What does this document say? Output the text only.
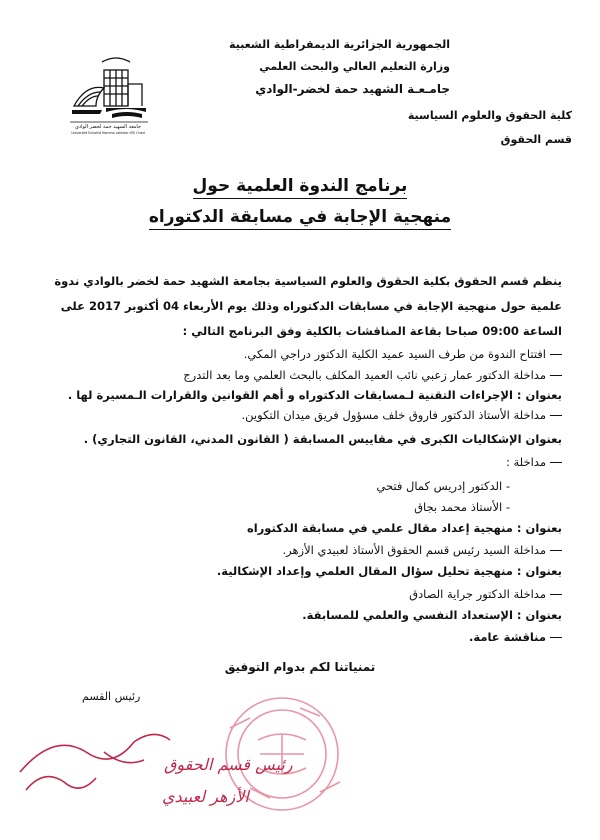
الجمهورية الجزائرية الديمقراطية الشعبية
وزارة التعليم العالي والبحث العلمي
جامـعـة الشهيد حمة لخضر-الوادي
جامعة الشهيد حمة لخضر الوادي
Université Echahid Hamma Lakhdar d'El Oued
كلية الحقوق والعلوم السياسية
قسم الحقوق
برنامج الندوة العلمية حول
منهجية الإجابة في مسابقة الدكتوراه
ينظم قسم الحقوق بكلية الحقوق والعلوم السياسية بجامعة الشهيد حمة لخضر بالوادي ندوة
علمية حول منهجية الإجابة في مسابقات الدكتوراه وذلك يوم الأربعاء 04 أكتوبر 2017 على
الساعة 09:00 صباحا بقاعة المناقشات بالكلية وفق البرنامج التالي :
افتتاح الندوة من طرف السيد عميد الكلية الدكتور دراجي المكي.
مداخلة الدكتور عمار زعبي نائب العميد المكلف بالبحث العلمي وما بعد التدرج
بعنوان : الإجراءات التقنية لـمسابقات الدكتوراه و أهم القوانين والقرارات الـمسيرة لها .
مداخلة الأستاذ الدكتور فاروق خلف مسؤول فريق ميدان التكوين.
بعنوان الإشكاليات الكبرى في مقاييس المسابقة ( القانون المدني، القانون التجاري) .
مداخلة :
- الدكتور إدريس كمال فتحي
- الأستاذ محمد بجاق
بعنوان : منهجية إعداد مقال علمي في مسابقة الدكتوراه
مداخلة السيد رئيس قسم الحقوق الأستاذ لعبيدي الأزهر.
بعنوان : منهجية تحليل سؤال المقال العلمي وإعداد الإشكالية.
مداخلة الدكتور جراية الصادق
بعنوان : الإستعداد النفسي والعلمي للمسابقة.
مناقشة عامة.
تمنياتنا لكم بدوام التوفيق
رئيس القسم
رئيس قسم الحقوق
الأزهر لعبيدي
